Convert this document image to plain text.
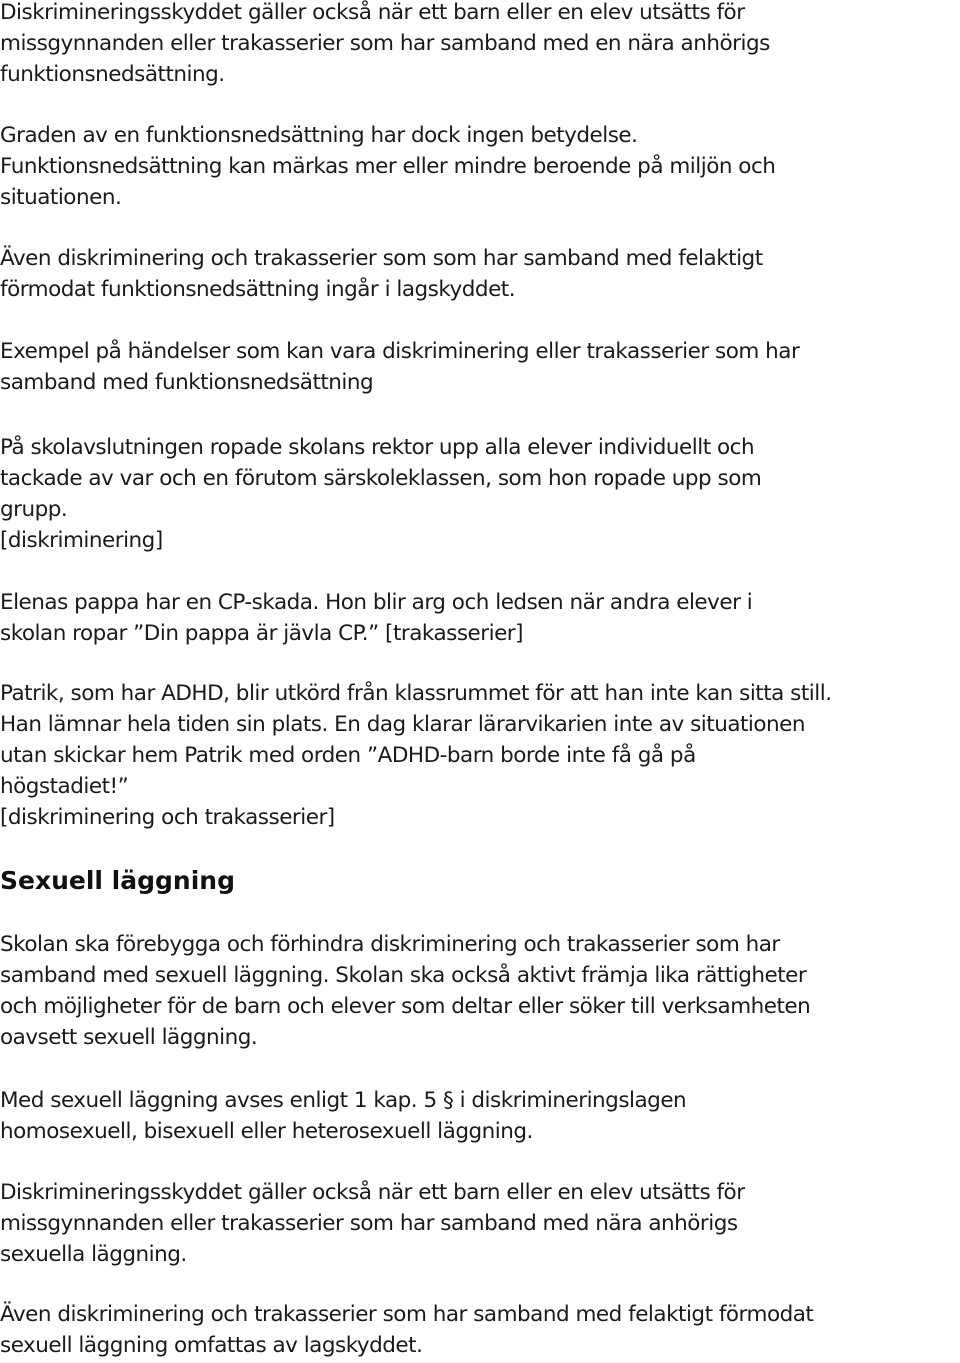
Diskrimineringsskyddet gäller också när ett barn eller en elev utsätts för
missgynnanden eller trakasserier som har samband med en nära anhörigs
funktionsnedsättning.
Graden av en funktionsnedsättning har dock ingen betydelse.
Funktionsnedsättning kan märkas mer eller mindre beroende på miljön och
situationen.
Även diskriminering och trakasserier som som har samband med felaktigt
förmodat funktionsnedsättning ingår i lagskyddet.
Exempel på händelser som kan vara diskriminering eller trakasserier som har
samband med funktionsnedsättning
På skolavslutningen ropade skolans rektor upp alla elever individuellt och
tackade av var och en förutom särskoleklassen, som hon ropade upp som
grupp.
[diskriminering]
Elenas pappa har en CP-skada. Hon blir arg och ledsen när andra elever i
skolan ropar ”Din pappa är jävla CP.” [trakasserier]
Patrik, som har ADHD, blir utkörd från klassrummet för att han inte kan sitta still.
Han lämnar hela tiden sin plats. En dag klarar lärarvikarien inte av situationen
utan skickar hem Patrik med orden ”ADHD-barn borde inte få gå på
högstadiet!”
[diskriminering och trakasserier]
Sexuell läggning
Skolan ska förebygga och förhindra diskriminering och trakasserier som har
samband med sexuell läggning. Skolan ska också aktivt främja lika rättigheter
och möjligheter för de barn och elever som deltar eller söker till verksamheten
oavsett sexuell läggning.
Med sexuell läggning avses enligt 1 kap. 5 § i diskrimineringslagen
homosexuell, bisexuell eller heterosexuell läggning.
Diskrimineringsskyddet gäller också när ett barn eller en elev utsätts för
missgynnanden eller trakasserier som har samband med nära anhörigs
sexuella läggning.
Även diskriminering och trakasserier som har samband med felaktigt förmodat
sexuell läggning omfattas av lagskyddet.
